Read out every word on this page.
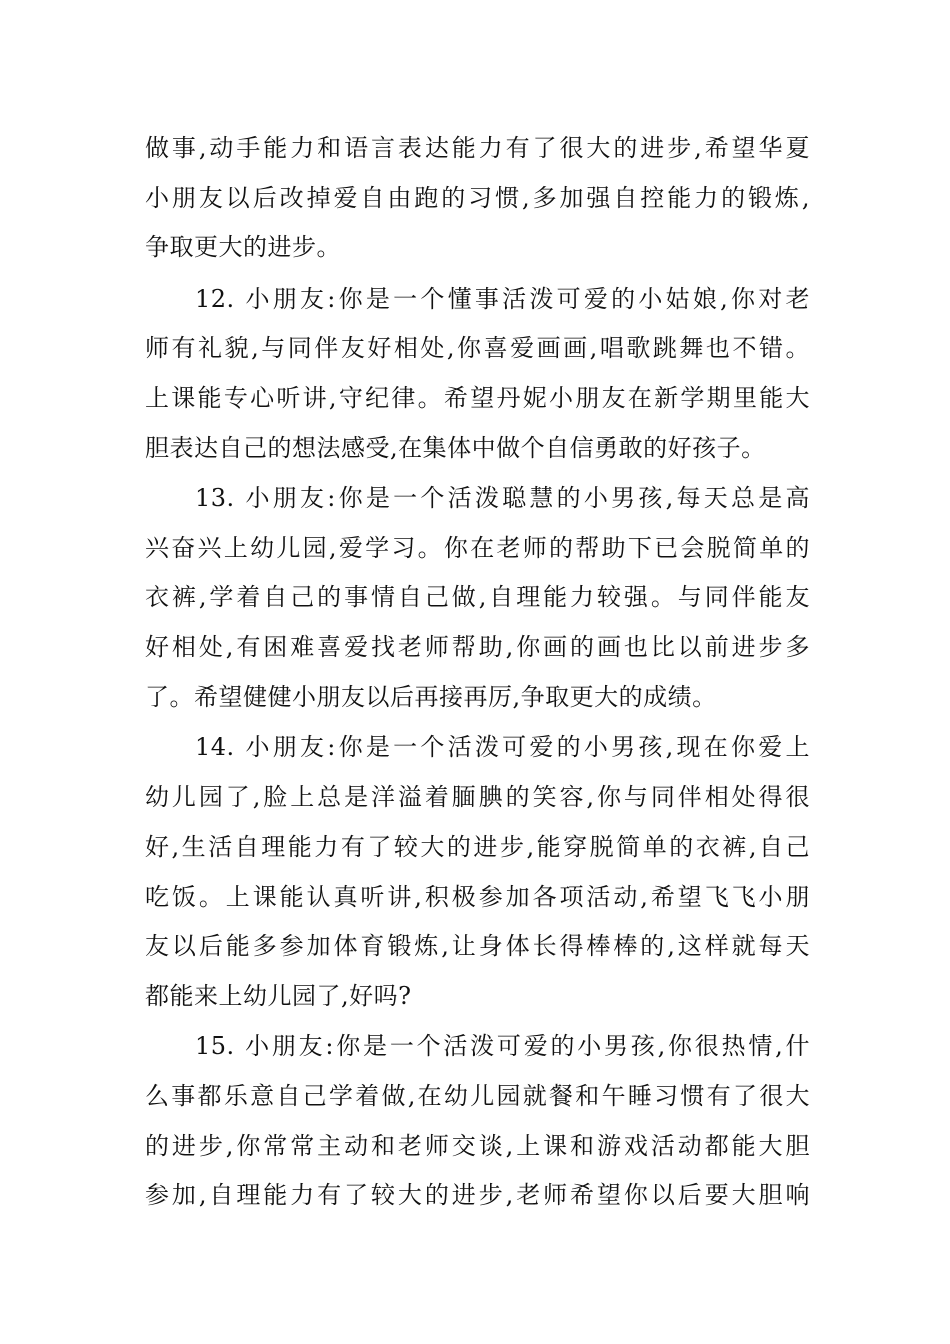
做事,动手能力和语言表达能力有了很大的进步,希望华夏
小朋友以后改掉爱自由跑的习惯,多加强自控能力的锻炼,
争取更大的进步。
12. 小朋友:你是一个懂事活泼可爱的小姑娘,你对老
师有礼貌,与同伴友好相处,你喜爱画画,唱歌跳舞也不错。
上课能专心听讲,守纪律。希望丹妮小朋友在新学期里能大
胆表达自己的想法感受,在集体中做个自信勇敢的好孩子。
13. 小朋友:你是一个活泼聪慧的小男孩,每天总是高
兴奋兴上幼儿园,爱学习。你在老师的帮助下已会脱简单的
衣裤,学着自己的事情自己做,自理能力较强。与同伴能友
好相处,有困难喜爱找老师帮助,你画的画也比以前进步多
了。希望健健小朋友以后再接再厉,争取更大的成绩。
14. 小朋友:你是一个活泼可爱的小男孩,现在你爱上
幼儿园了,脸上总是洋溢着腼腆的笑容,你与同伴相处得很
好,生活自理能力有了较大的进步,能穿脱简单的衣裤,自己
吃饭。上课能认真听讲,积极参加各项活动,希望飞飞小朋
友以后能多参加体育锻炼,让身体长得棒棒的,这样就每天
都能来上幼儿园了,好吗?
15. 小朋友:你是一个活泼可爱的小男孩,你很热情,什
么事都乐意自己学着做,在幼儿园就餐和午睡习惯有了很大
的进步,你常常主动和老师交谈,上课和游戏活动都能大胆
参加,自理能力有了较大的进步,老师希望你以后要大胆响
